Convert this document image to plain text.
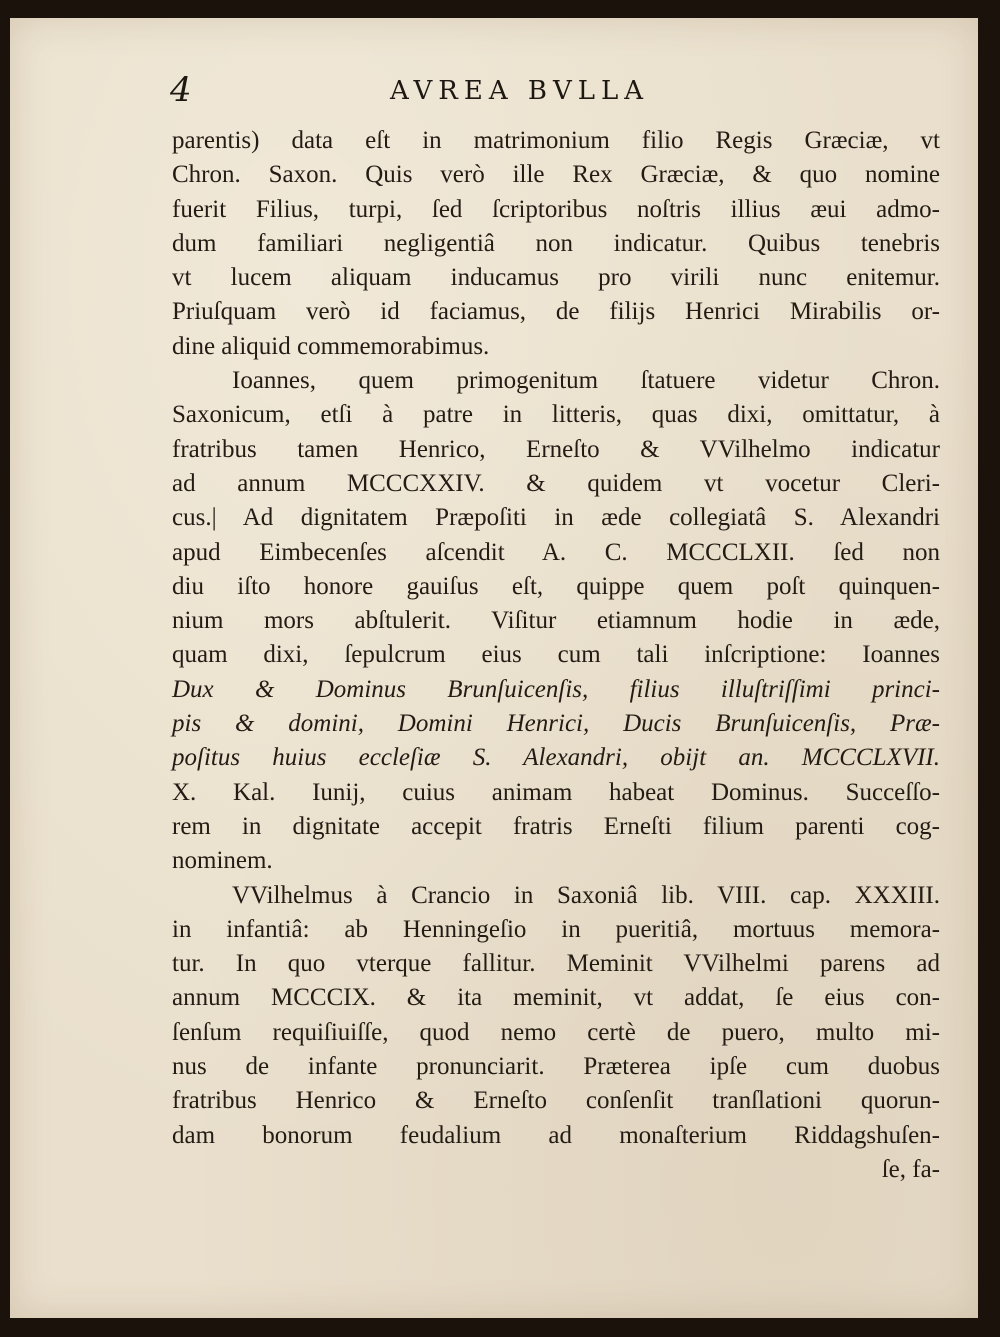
4	AVREA BVLLA
parentis) data eſt in matrimonium filio Regis Græciæ, vt
Chron. Saxon. Quis verò ille Rex Græciæ, & quo nomine
fuerit Filius, turpi, ſed ſcriptoribus noſtris illius æui admo-
dum familiari negligentiâ non indicatur. Quibus tenebris
vt lucem aliquam inducamus pro virili nunc enitemur.
Priuſquam verò id faciamus, de filijs Henrici Mirabilis or-
dine aliquid commemorabimus.
Ioannes, quem primogenitum ſtatuere videtur Chron.
Saxonicum, etſi à patre in litteris, quas dixi, omittatur, à
fratribus tamen Henrico, Erneſto & VVilhelmo indicatur
ad annum MCCCXXIV. & quidem vt vocetur Cleri-
cus.| Ad dignitatem Præpoſiti in æde collegiatâ S. Alexandri
apud Eimbecenſes aſcendit A. C. MCCCLXII. ſed non
diu iſto honore gauiſus eſt, quippe quem poſt quinquen-
nium mors abſtulerit. Viſitur etiamnum hodie in æde,
quam dixi, ſepulcrum eius cum tali inſcriptione: Ioannes
Dux & Dominus Brunſuicenſis, filius illuſtriſſimi princi-
pis & domini, Domini Henrici, Ducis Brunſuicenſis, Præ-
poſitus huius eccleſiæ S. Alexandri, obijt an. MCCCLXVII.
X. Kal. Iunij, cuius animam habeat Dominus. Succeſſo-
rem in dignitate accepit fratris Erneſti filium parenti cog-
nominem.
VVilhelmus à Crancio in Saxoniâ lib. VIII. cap. XXXIII.
in infantiâ: ab Henningeſio in pueritiâ, mortuus memora-
tur. In quo vterque fallitur. Meminit VVilhelmi parens ad
annum MCCCIX. & ita meminit, vt addat, ſe eius con-
ſenſum requiſiuiſſe, quod nemo certè de puero, multo mi-
nus de infante pronunciarit. Præterea ipſe cum duobus
fratribus Henrico & Erneſto conſenſit tranſlationi quorun-
dam bonorum feudalium ad monaſterium Riddagshuſen-
ſe, fa-
